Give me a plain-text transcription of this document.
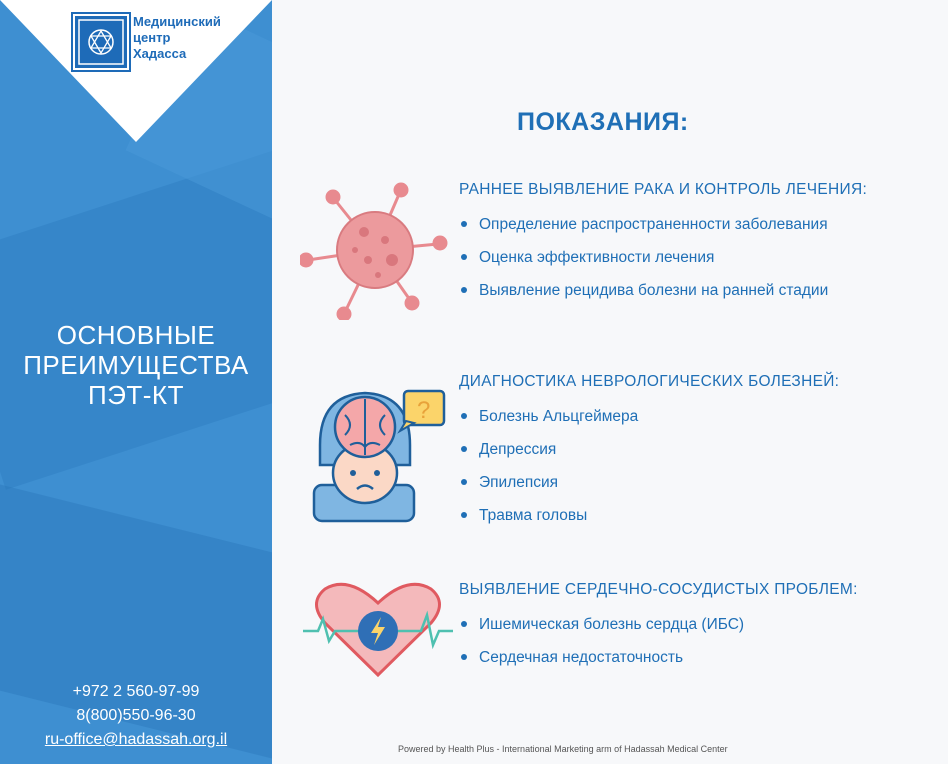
Медицинский
центр
Хадасса
ОСНОВНЫЕ
ПРЕИМУЩЕСТВА
ПЭТ-КТ
+972 2 560-97-99
8(800)550-96-30
ru-office@hadassah.org.il
ПОКАЗАНИЯ:
?
РАННЕЕ ВЫЯВЛЕНИЕ РАКА И КОНТРОЛЬ ЛЕЧЕНИЯ:
Определение распространенности заболевания
Оценка эффективности лечения
Выявление рецидива болезни на ранней стадии
ДИАГНОСТИКА НЕВРОЛОГИЧЕСКИХ БОЛЕЗНЕЙ:
Болезнь Альцгеймера
Депрессия
Эпилепсия
Травма головы
ВЫЯВЛЕНИЕ СЕРДЕЧНО-СОСУДИСТЫХ ПРОБЛЕМ:
Ишемическая болезнь сердца (ИБС)
Сердечная недостаточность
Powered by Health Plus - International Marketing arm of Hadassah Medical Center
